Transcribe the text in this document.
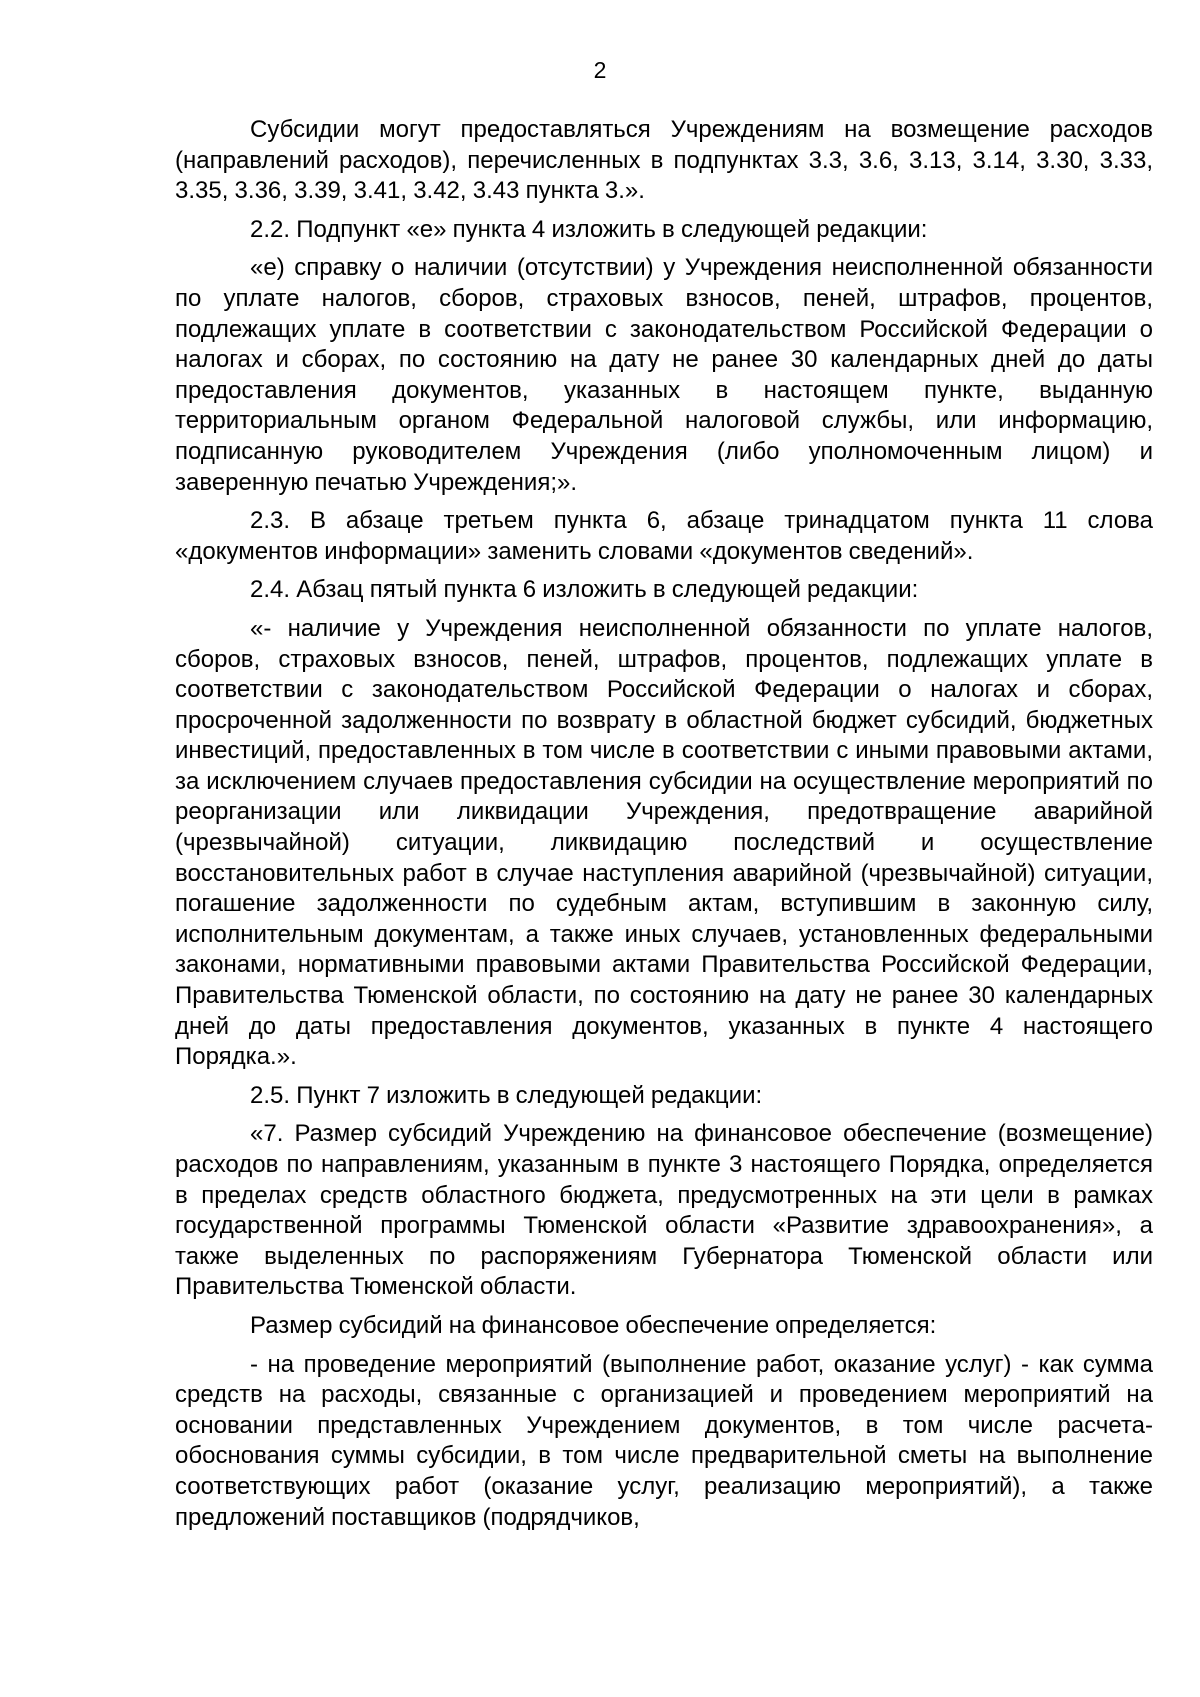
2

Субсидии могут предоставляться Учреждениям на возмещение расходов (направлений расходов), перечисленных в подпунктах 3.3, 3.6, 3.13, 3.14, 3.30, 3.33, 3.35, 3.36, 3.39, 3.41, 3.42, 3.43 пункта 3.».

2.2. Подпункт «е» пункта 4 изложить в следующей редакции:

«е) справку о наличии (отсутствии) у Учреждения неисполненной обязанности по уплате налогов, сборов, страховых взносов, пеней, штрафов, процентов, подлежащих уплате в соответствии с законодательством Российской Федерации о налогах и сборах, по состоянию на дату не ранее 30 календарных дней до даты предоставления документов, указанных в настоящем пункте, выданную территориальным органом Федеральной налоговой службы, или информацию, подписанную руководителем Учреждения (либо уполномоченным лицом) и заверенную печатью Учреждения;».

2.3. В абзаце третьем пункта 6, абзаце тринадцатом пункта 11 слова «документов информации» заменить словами «документов сведений».

2.4. Абзац пятый пункта 6 изложить в следующей редакции:

«- наличие у Учреждения неисполненной обязанности по уплате налогов, сборов, страховых взносов, пеней, штрафов, процентов, подлежащих уплате в соответствии с законодательством Российской Федерации о налогах и сборах, просроченной задолженности по возврату в областной бюджет субсидий, бюджетных инвестиций, предоставленных в том числе в соответствии с иными правовыми актами, за исключением случаев предоставления субсидии на осуществление мероприятий по реорганизации или ликвидации Учреждения, предотвращение аварийной (чрезвычайной) ситуации, ликвидацию последствий и осуществление восстановительных работ в случае наступления аварийной (чрезвычайной) ситуации, погашение задолженности по судебным актам, вступившим в законную силу, исполнительным документам, а также иных случаев, установленных федеральными законами, нормативными правовыми актами Правительства Российской Федерации, Правительства Тюменской области, по состоянию на дату не ранее 30 календарных дней до даты предоставления документов, указанных в пункте 4 настоящего Порядка.».

2.5. Пункт 7 изложить в следующей редакции:

«7. Размер субсидий Учреждению на финансовое обеспечение (возмещение) расходов по направлениям, указанным в пункте 3 настоящего Порядка, определяется в пределах средств областного бюджета, предусмотренных на эти цели в рамках государственной программы Тюменской области «Развитие здравоохранения», а также выделенных по распоряжениям Губернатора Тюменской области или Правительства Тюменской области.

Размер субсидий на финансовое обеспечение определяется:

- на проведение мероприятий (выполнение работ, оказание услуг) - как сумма средств на расходы, связанные с организацией и проведением мероприятий на основании представленных Учреждением документов, в том числе расчета-обоснования суммы субсидии, в том числе предварительной сметы на выполнение соответствующих работ (оказание услуг, реализацию мероприятий), а также предложений поставщиков (подрядчиков,
